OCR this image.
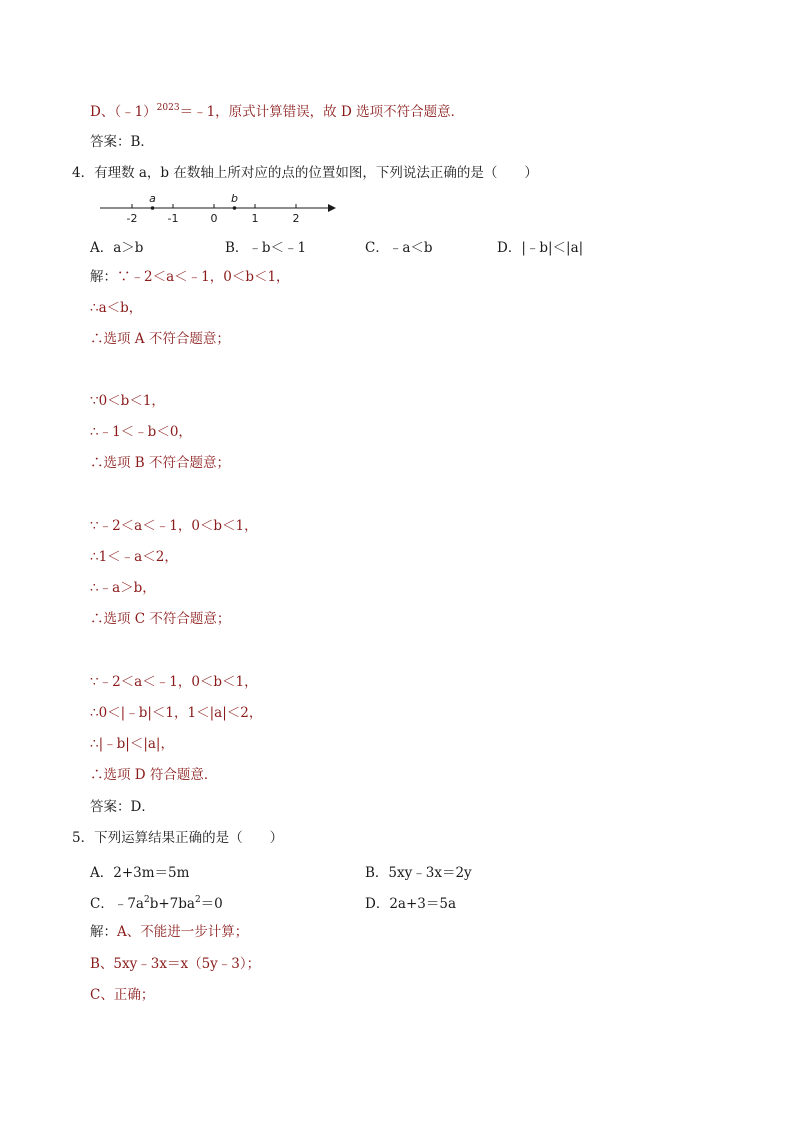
D、（﹣1）$^{2023}$＝﹣1，原式计算错误，故 D 选项不符合题意．
答案：B．
4．有理数 a，b 在数轴上所对应的点的位置如图，下列说法正确的是（　　）
-2	-1	0	1	2
a	b
A．a＞b	B．﹣b＜﹣1	C．﹣a＜b	D．|﹣b|＜|a|
解：∵﹣2＜a＜﹣1，0＜b＜1，
∴a＜b，
∴选项 A 不符合题意；
∵0＜b＜1，
∴﹣1＜﹣b＜0，
∴选项 B 不符合题意；
∵﹣2＜a＜﹣1，0＜b＜1，
∴1＜﹣a＜2，
∴﹣a＞b，
∴选项 C 不符合题意；
∵﹣2＜a＜﹣1，0＜b＜1，
∴0＜|﹣b|＜1，1＜|a|＜2，
∴|﹣b|＜|a|，
∴选项 D 符合题意．
答案：D．
5．下列运算结果正确的是（　　）
A．2+3m＝5m	B．5xy﹣3x＝2y
C．$﹣7a^2b+7ba^2=0$	D．2a+3＝5a
解：A、不能进一步计算；
B、5xy﹣3x＝x（5y﹣3）；
C、正确；
